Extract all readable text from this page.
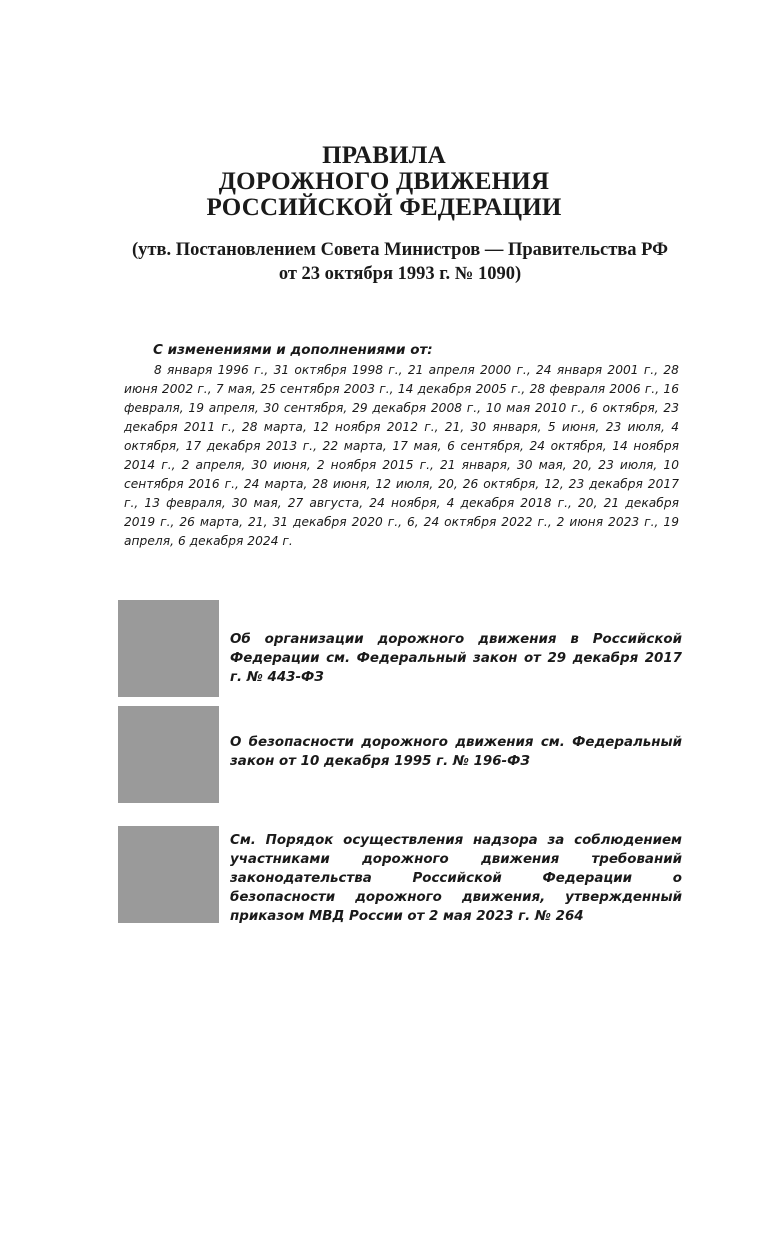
ПРАВИЛА
ДОРОЖНОГО ДВИЖЕНИЯ
РОССИЙСКОЙ ФЕДЕРАЦИИ
(утв. Постановлением Совета Министров — Правительства РФ
от 23 октября 1993 г. № 1090)
С изменениями и дополнениями от:
8 января 1996 г., 31 октября 1998 г., 21 апреля 2000 г., 24 января 2001 г., 28 июня 2002 г., 7 мая, 25 сентября 2003 г., 14 декабря 2005 г., 28 февраля 2006 г., 16 февраля, 19 апреля, 30 сентября, 29 декабря 2008 г., 10 мая 2010 г., 6 октября, 23 декабря 2011 г., 28 марта, 12 ноября 2012 г., 21, 30 января, 5 июня, 23 июля, 4 октября, 17 декабря 2013 г., 22 марта, 17 мая, 6 сентября, 24 октября, 14 ноября 2014 г., 2 апреля, 30 июня, 2 ноября 2015 г., 21 января, 30 мая, 20, 23 июля, 10 сентября 2016 г., 24 марта, 28 июня, 12 июля, 20, 26 октября, 12, 23 декабря 2017 г., 13 февраля, 30 мая, 27 августа, 24 ноября, 4 декабря 2018 г., 20, 21 декабря 2019 г., 26 марта, 21, 31 декабря 2020 г., 6, 24 октября 2022 г., 2 июня 2023 г., 19 апреля, 6 декабря 2024 г.
Об организации дорожного движения в Российской Федерации см. Федеральный закон от 29 декабря 2017 г. № 443-ФЗ
О безопасности дорожного движения см. Федеральный закон от 10 декабря 1995 г. № 196-ФЗ
См. Порядок осуществления надзора за соблюдением участниками дорожного движения требований законодательства Российской Федерации о безопасности дорожного движения, утвержденный приказом МВД России от 2 мая 2023 г. № 264
